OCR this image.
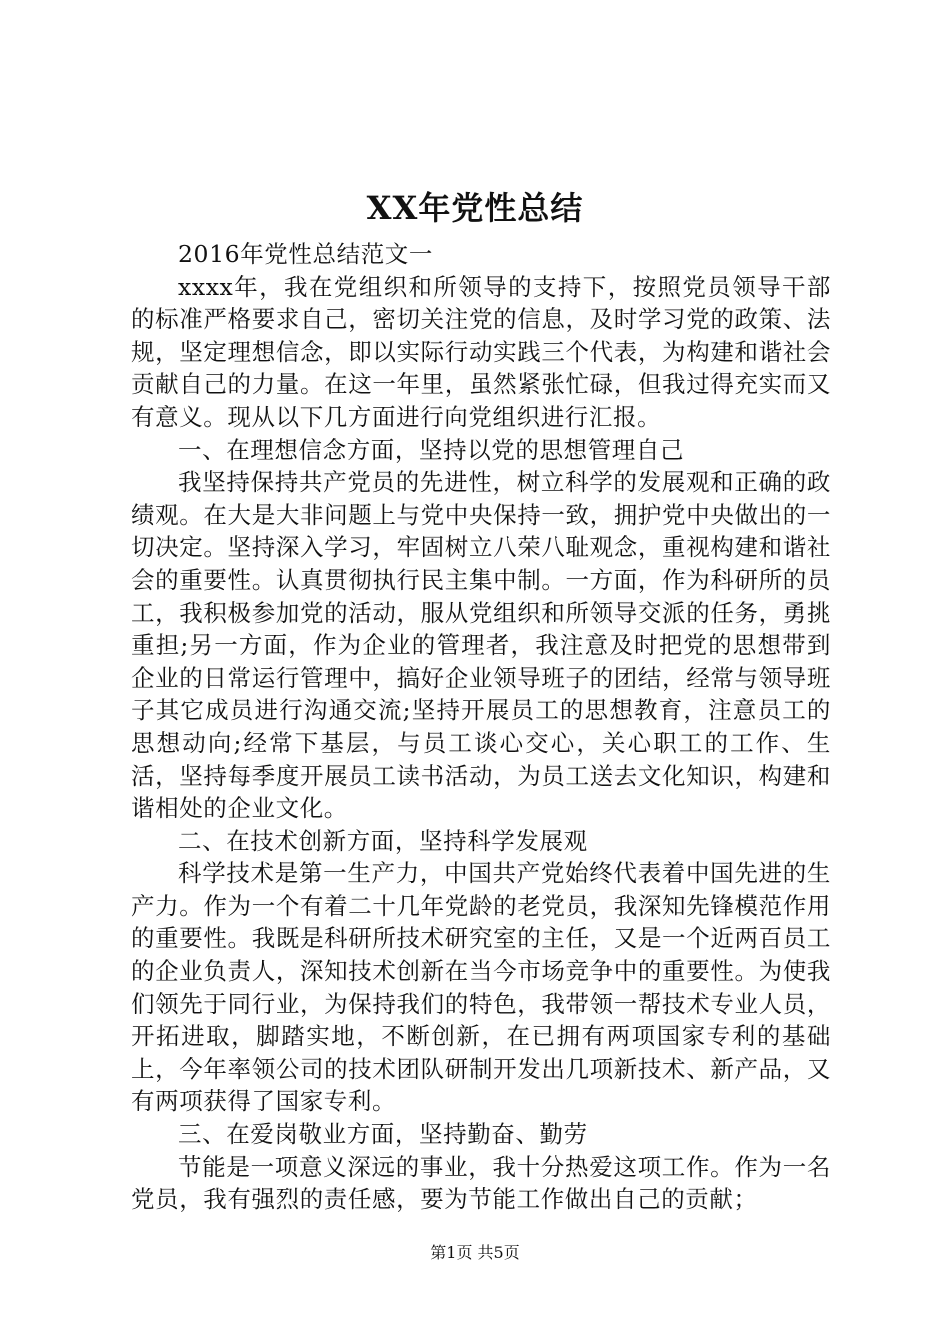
XX年党性总结

2016年党性总结范文一

xxxx年，我在党组织和所领导的支持下，按照党员领导干部的标准严格要求自己，密切关注党的信息，及时学习党的政策、法规，坚定理想信念，即以实际行动实践三个代表，为构建和谐社会贡献自己的力量。在这一年里，虽然紧张忙碌，但我过得充实而又有意义。现从以下几方面进行向党组织进行汇报。

一、在理想信念方面，坚持以党的思想管理自己

我坚持保持共产党员的先进性，树立科学的发展观和正确的政绩观。在大是大非问题上与党中央保持一致，拥护党中央做出的一切决定。坚持深入学习，牢固树立八荣八耻观念，重视构建和谐社会的重要性。认真贯彻执行民主集中制。一方面，作为科研所的员工，我积极参加党的活动，服从党组织和所领导交派的任务，勇挑重担;另一方面，作为企业的管理者，我注意及时把党的思想带到企业的日常运行管理中，搞好企业领导班子的团结，经常与领导班子其它成员进行沟通交流;坚持开展员工的思想教育，注意员工的思想动向;经常下基层，与员工谈心交心，关心职工的工作、生活，坚持每季度开展员工读书活动，为员工送去文化知识，构建和谐相处的企业文化。

二、在技术创新方面，坚持科学发展观

科学技术是第一生产力，中国共产党始终代表着中国先进的生产力。作为一个有着二十几年党龄的老党员，我深知先锋模范作用的重要性。我既是科研所技术研究室的主任，又是一个近两百员工的企业负责人，深知技术创新在当今市场竞争中的重要性。为使我们领先于同行业，为保持我们的特色，我带领一帮技术专业人员，开拓进取，脚踏实地，不断创新，在已拥有两项国家专利的基础上，今年率领公司的技术团队研制开发出几项新技术、新产品，又有两项获得了国家专利。

三、在爱岗敬业方面，坚持勤奋、勤劳

节能是一项意义深远的事业，我十分热爱这项工作。作为一名党员，我有强烈的责任感，要为节能工作做出自己的贡献；

第1页 共5页
